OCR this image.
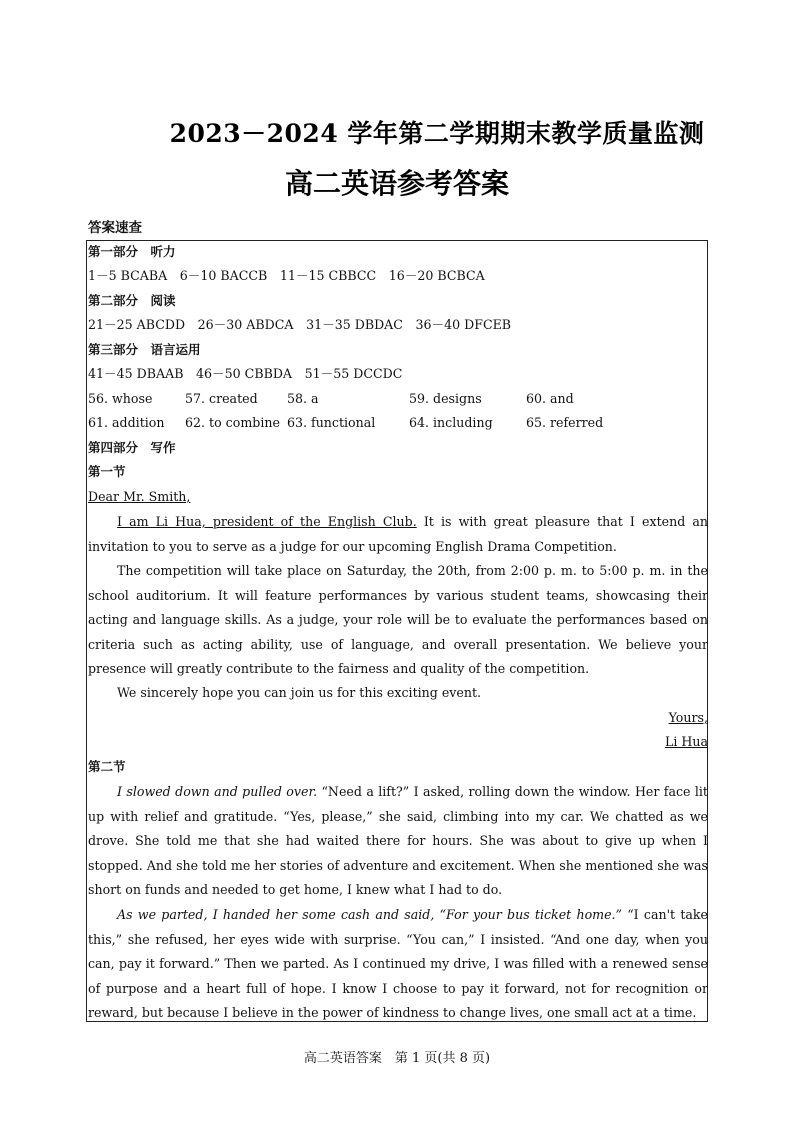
2023－2024 学年第二学期期末教学质量监测
高二英语参考答案
答案速查
第一部分　听力
1－5 BCABA　6－10 BACCB　11－15 CBBCC　16－20 BCBCA
第二部分　阅读
21－25 ABCDD　26－30 ABDCA　31－35 DBDAC　36－40 DFCEB
第三部分　语言运用
41－45 DBAAB　46－50 CBBDA　51－55 DCCDC
56. whose	57. created 58. a	59. designs	60. and
61. addition 62. to combine 63. functional	64. including	65. referred
第四部分　写作
第一节
Dear Mr. Smith,
I am Li Hua, president of the English Club. It is with great pleasure that I extend an invitation to you to serve as a judge for our upcoming English Drama Competition.
The competition will take place on Saturday, the 20th, from 2:00 p. m. to 5:00 p. m. in the school auditorium. It will feature performances by various student teams, showcasing their acting and language skills. As a judge, your role will be to evaluate the performances based on criteria such as acting ability, use of language, and overall presentation. We believe your presence will greatly contribute to the fairness and quality of the competition.
We sincerely hope you can join us for this exciting event.
Yours,
Li Hua
第二节
I slowed down and pulled over. “Need a lift?” I asked, rolling down the window. Her face lit up with relief and gratitude. “Yes, please,” she said, climbing into my car. We chatted as we drove. She told me that she had waited there for hours. She was about to give up when I stopped. And she told me her stories of adventure and excitement. When she mentioned she was short on funds and needed to get home, I knew what I had to do.
As we parted, I handed her some cash and said, “For your bus ticket home.” “I can't take this,” she refused, her eyes wide with surprise. “You can,” I insisted. “And one day, when you can, pay it forward.” Then we parted. As I continued my drive, I was filled with a renewed sense of purpose and a heart full of hope. I know I choose to pay it forward, not for recognition or reward, but because I believe in the power of kindness to change lives, one small act at a time.
高二英语答案　第 1 页(共 8 页)
